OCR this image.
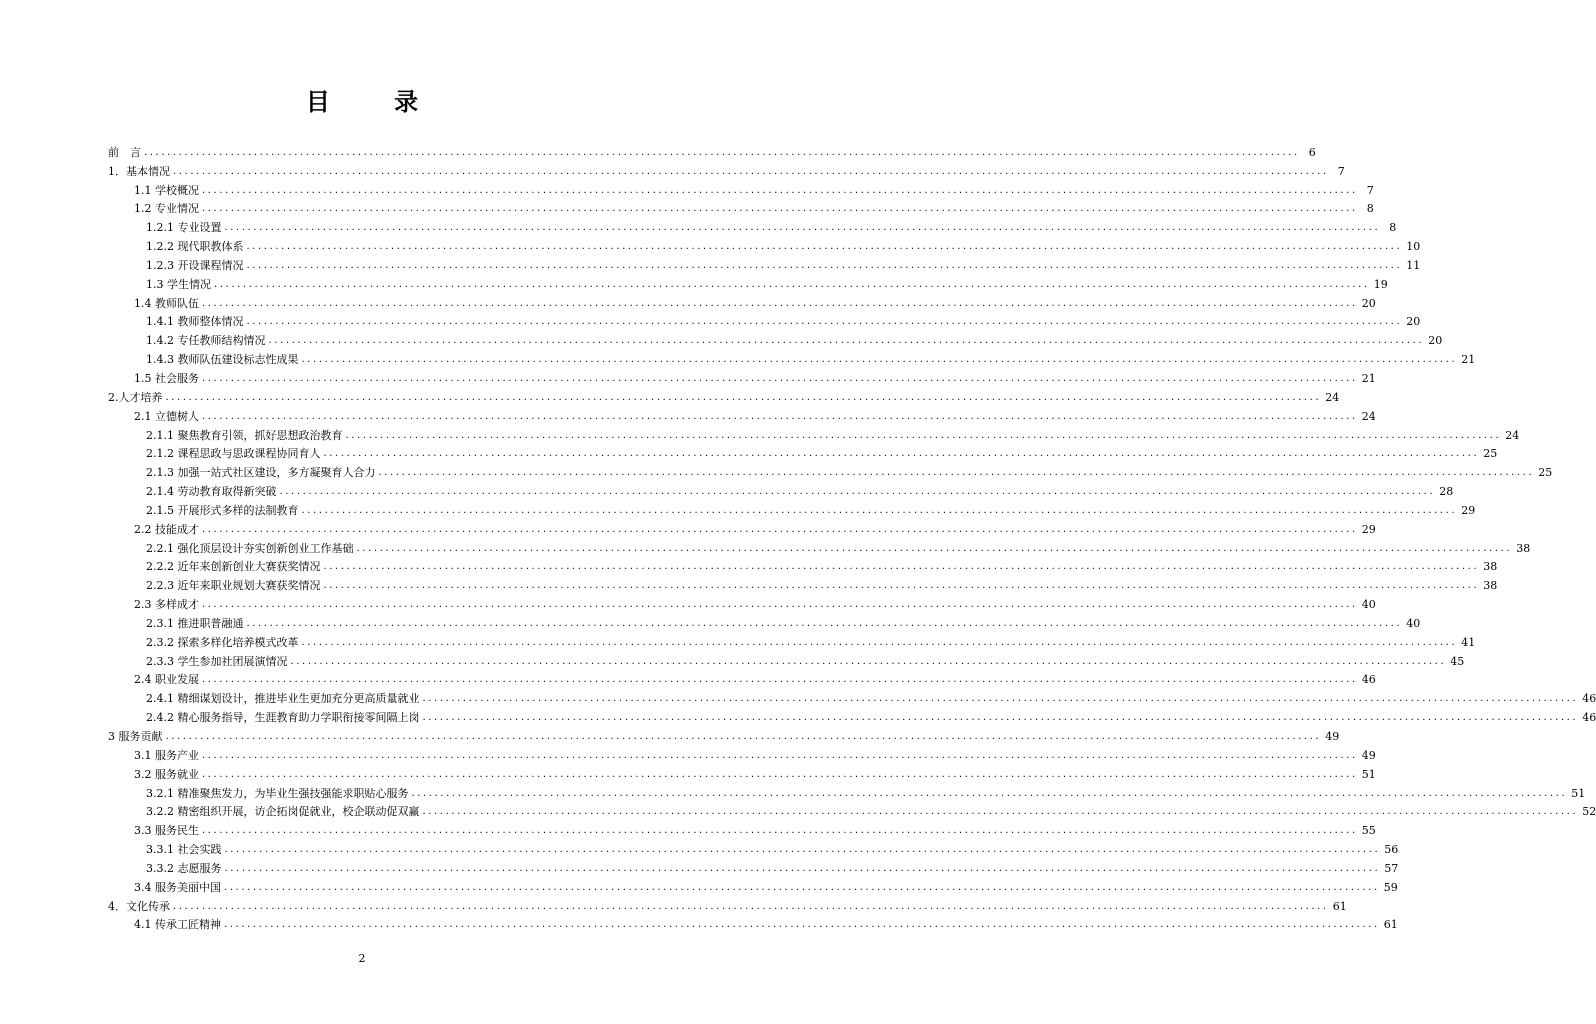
目 录
前　言 ........................................................................................................................................................................................................ 6
1．基本情况 ........................................................................................................................................................................................................ 7
1.1 学校概况 ........................................................................................................................................................................................................ 7
1.2 专业情况 ........................................................................................................................................................................................................ 8
1.2.1 专业设置 ........................................................................................................................................................................................................ 8
1.2.2 现代职教体系 ........................................................................................................................................................................................................ 10
1.2.3 开设课程情况 ........................................................................................................................................................................................................ 11
1.3 学生情况 ........................................................................................................................................................................................................ 19
1.4 教师队伍 ........................................................................................................................................................................................................ 20
1.4.1 教师整体情况 ........................................................................................................................................................................................................ 20
1.4.2 专任教师结构情况 ........................................................................................................................................................................................................ 20
1.4.3 教师队伍建设标志性成果 ........................................................................................................................................................................................................ 21
1.5 社会服务 ........................................................................................................................................................................................................ 21
2.人才培养 ........................................................................................................................................................................................................ 24
2.1 立德树人 ........................................................................................................................................................................................................ 24
2.1.1 聚焦教育引领，抓好思想政治教育 ........................................................................................................................................................................................................ 24
2.1.2 课程思政与思政课程协同育人 ........................................................................................................................................................................................................ 25
2.1.3 加强一站式社区建设，多方凝聚育人合力 ........................................................................................................................................................................................................ 25
2.1.4 劳动教育取得新突破 ........................................................................................................................................................................................................ 28
2.1.5 开展形式多样的法制教育 ........................................................................................................................................................................................................ 29
2.2 技能成才 ........................................................................................................................................................................................................ 29
2.2.1 强化顶层设计夯实创新创业工作基础 ........................................................................................................................................................................................................ 38
2.2.2 近年来创新创业大赛获奖情况 ........................................................................................................................................................................................................ 38
2.2.3 近年来职业规划大赛获奖情况 ........................................................................................................................................................................................................ 38
2.3 多样成才 ........................................................................................................................................................................................................ 40
2.3.1 推进职普融通 ........................................................................................................................................................................................................ 40
2.3.2 探索多样化培养模式改革 ........................................................................................................................................................................................................ 41
2.3.3 学生参加社团展演情况 ........................................................................................................................................................................................................ 45
2.4 职业发展 ........................................................................................................................................................................................................ 46
2.4.1 精细谋划设计，推进毕业生更加充分更高质量就业 ........................................................................................................................................................................................................ 46
2.4.2 精心服务指导，生涯教育助力学职衔接零间隔上岗 ........................................................................................................................................................................................................ 46
3 服务贡献 ........................................................................................................................................................................................................ 49
3.1 服务产业 ........................................................................................................................................................................................................ 49
3.2 服务就业 ........................................................................................................................................................................................................ 51
3.2.1 精准聚焦发力，为毕业生强技强能求职贴心服务 ........................................................................................................................................................................................................ 51
3.2.2 精密组织开展，访企拓岗促就业，校企联动促双赢 ........................................................................................................................................................................................................ 52
3.3 服务民生 ........................................................................................................................................................................................................ 55
3.3.1 社会实践 ........................................................................................................................................................................................................ 56
3.3.2 志愿服务 ........................................................................................................................................................................................................ 57
3.4 服务美丽中国 ........................................................................................................................................................................................................ 59
4．文化传承 ........................................................................................................................................................................................................ 61
4.1 传承工匠精神 ........................................................................................................................................................................................................ 61
2
